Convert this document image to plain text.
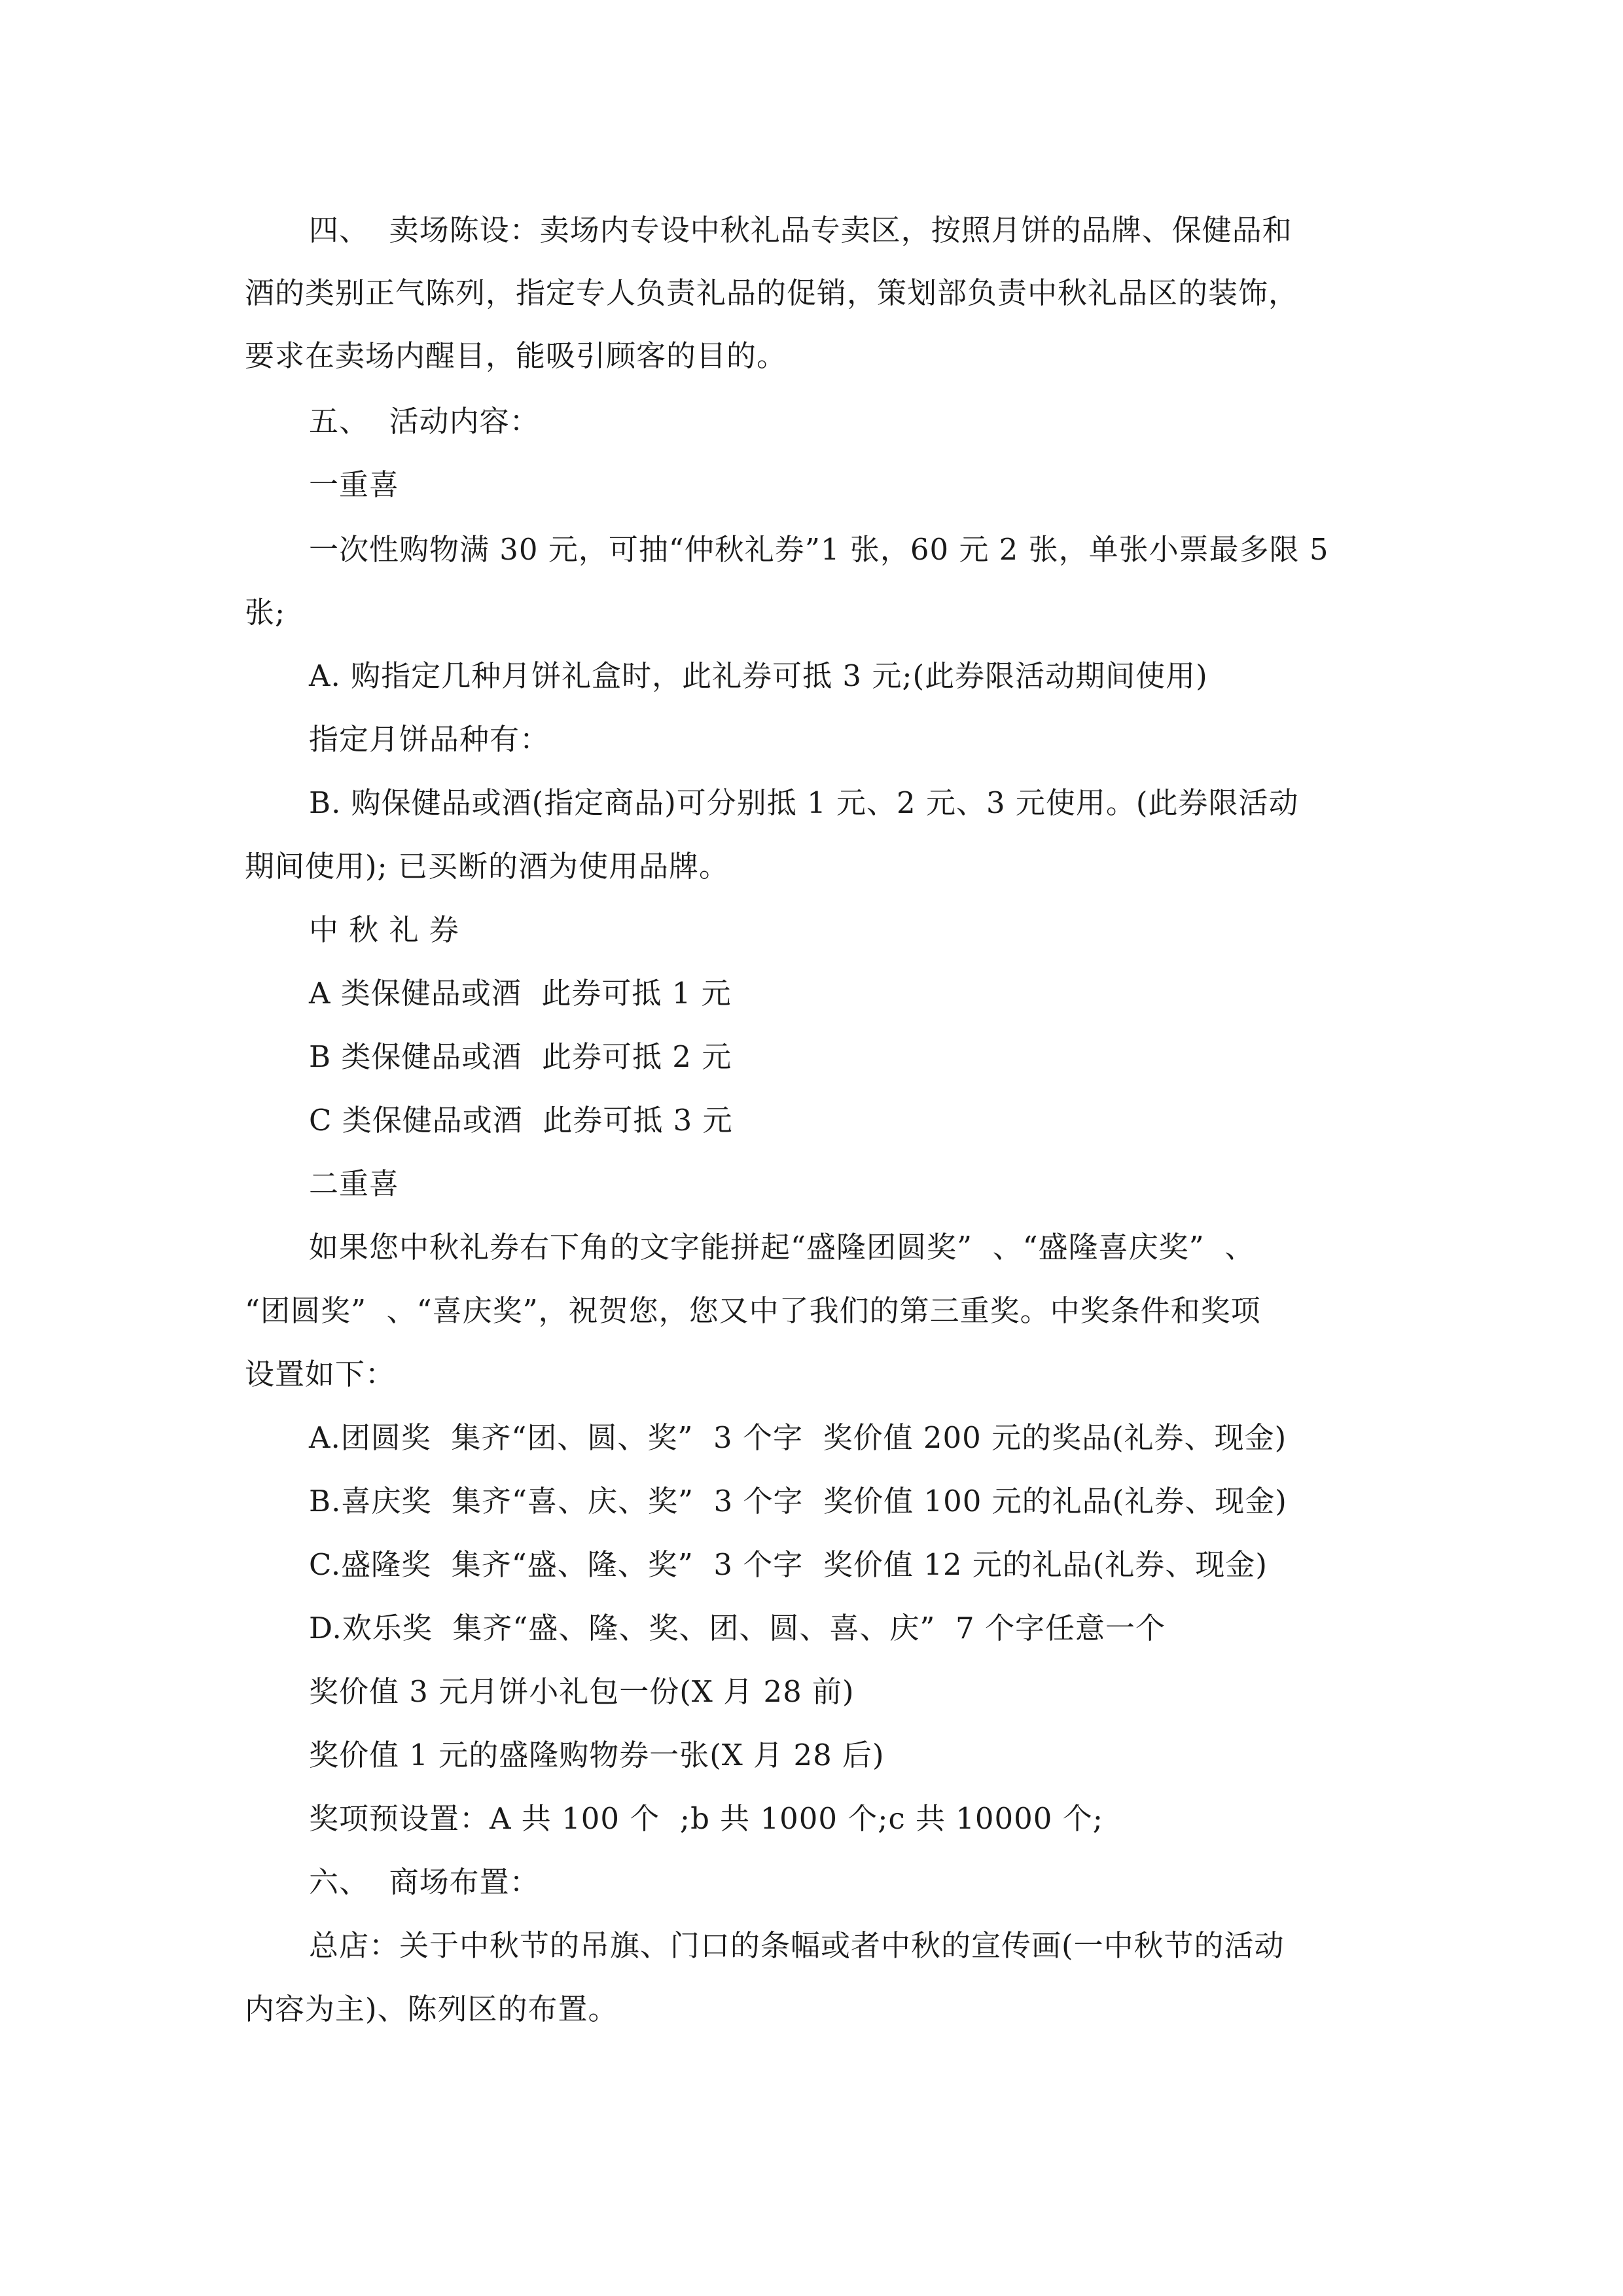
四、  卖场陈设：卖场内专设中秋礼品专卖区，按照月饼的品牌、保健品和

酒的类别正气陈列，指定专人负责礼品的促销，策划部负责中秋礼品区的装饰，

要求在卖场内醒目，能吸引顾客的目的。

五、  活动内容：

一重喜

一次性购物满 30 元，可抽“仲秋礼券”1 张，60 元 2 张，单张小票最多限 5

张;

A. 购指定几种月饼礼盒时，此礼券可抵 3 元;(此券限活动期间使用)

指定月饼品种有：

B. 购保健品或酒(指定商品)可分别抵 1 元、2 元、3 元使用。(此券限活动

期间使用); 已买断的酒为使用品牌。

中 秋 礼 券

A 类保健品或酒  此券可抵 1 元

B 类保健品或酒  此券可抵 2 元

C 类保健品或酒  此券可抵 3 元

二重喜

如果您中秋礼券右下角的文字能拼起“盛隆团圆奖”  、“盛隆喜庆奖”  、

“团圆奖”  、“喜庆奖”，祝贺您，您又中了我们的第三重奖。中奖条件和奖项

设置如下：

A.团圆奖  集齐“团、圆、奖”  3 个字  奖价值 200 元的奖品(礼券、现金)

B.喜庆奖  集齐“喜、庆、奖”  3 个字  奖价值 100 元的礼品(礼券、现金)

C.盛隆奖  集齐“盛、隆、奖”  3 个字  奖价值 12 元的礼品(礼券、现金)

D.欢乐奖  集齐“盛、隆、奖、团、圆、喜、庆”  7 个字任意一个

奖价值 3 元月饼小礼包一份(X 月 28 前)

奖价值 1 元的盛隆购物券一张(X 月 28 后)

奖项预设置：A 共 100 个  ;b 共 1000 个;c 共 10000 个;

六、  商场布置：

总店：关于中秋节的吊旗、门口的条幅或者中秋的宣传画(一中秋节的活动

内容为主)、陈列区的布置。
